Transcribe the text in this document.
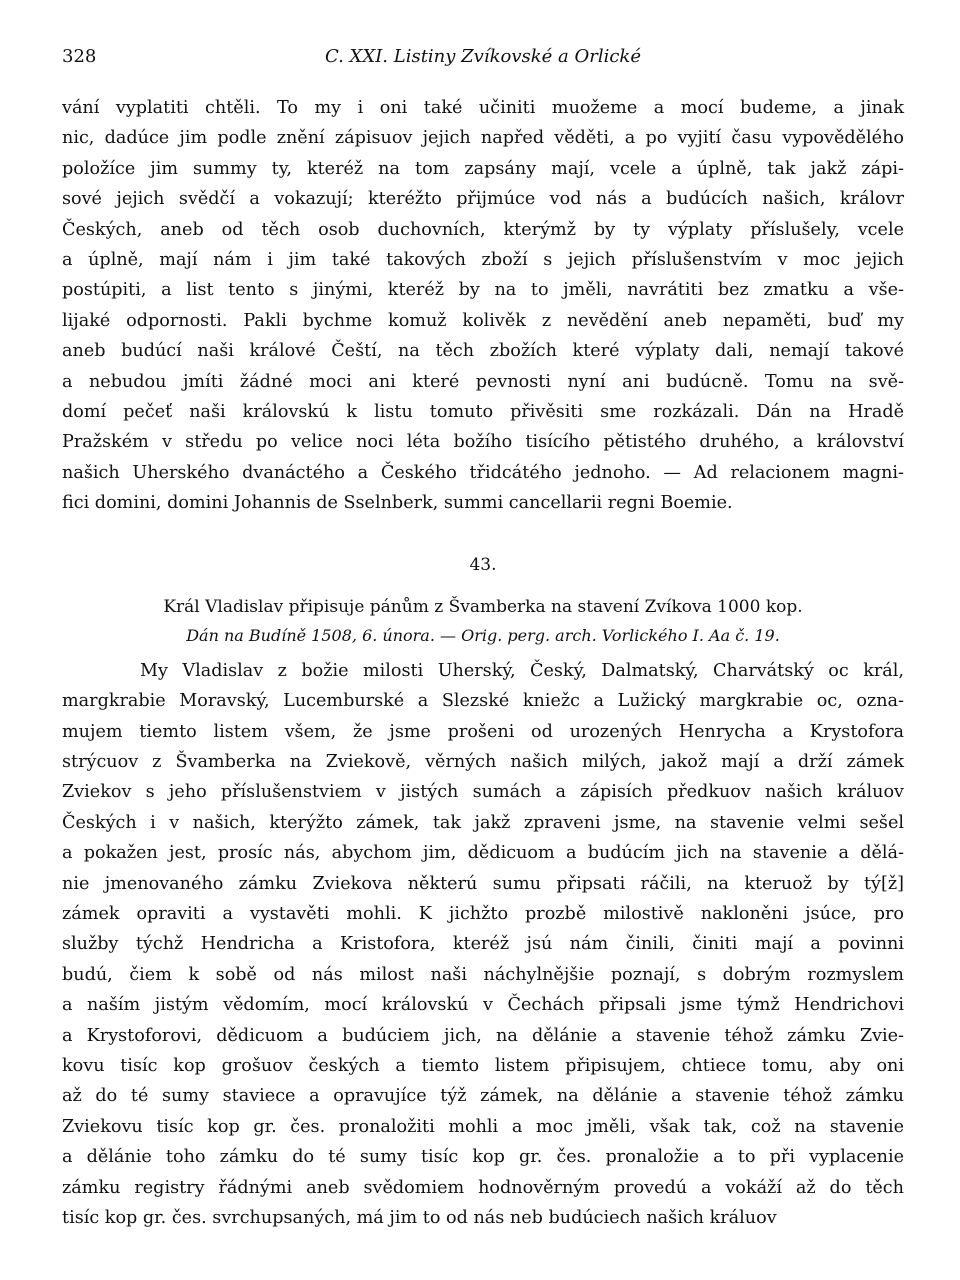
328	C. XXI. Listiny Zvíkovské a Orlické

vání vyplatiti chtěli. To my i oni také učiniti muožeme a mocí budeme, a jinak
nic, dadúce jim podle znění zápisuov jejich napřed věděti, a po vyjití času vypověděléhо
položíce jim summy ty, kteréž na tom zapsány mají, vcele a úplně, tak jakž zápi-
sové jejich svědčí a vokazují; kteréžto přijmúce vod nás a budúcích našich, královr
Českých, aneb od těch osob duchovních, kterýmž by ty výplaty příslušely, vcele
a úplně, mají nám i jim také takových zboží s jejich příslušenstvím v moc jejich
postúpiti, a list tento s jinými, kteréž by na to jměli, navrátiti bez zmatku a vše-
lijaké odpornosti. Pakli bychme komuž kolivěk z nevědění aneb nepaměti, buď my
aneb budúcí naši králové Čeští, na těch zbožích které výplaty dali, nemají takové
a nebudou jmíti žádné moci ani které pevnosti nyní ani budúcně. Tomu na svě-
domí pečeť naši královskú k listu tomuto přivěsiti sme rozkázali. Dán na Hradě
Pražském v středu po velice noci léta božího tisícího pětistého druhého, a království
našich Uherského dvanáctého a Českého třidcátého jednoho. — Ad relacionem magni-
fici domini, domini Johannis de Sselnberk, summi cancellarii regni Boemie.

43.
Král Vladislav připisuje pánům z Švamberka na stavení Zvíkova 1000 kop.
Dán na Budíně 1508, 6. února. — Orig. perg. arch. Vorlického I. Aa č. 19.

My Vladislav z božie milosti Uherský, Český, Dalmatský, Charvátský oc král,
margkrabie Moravský, Lucemburské a Slezské kniežc a Lužický margkrabie oc, ozna-
mujem tiemto listem všem, že jsme prošeni od urozených Henrycha a Krystofora
strýcuov z Švamberka na Zviekově, věrných našich milých, jakož mají a drží zámek
Zviekov s jeho příslušenstviem v jistých sumách a zápisích předkuov našich králuov
Českých i v našich, kterýžto zámek, tak jakž zpraveni jsme, na stavenie velmi sešel
a pokažen jest, prosíc nás, abychom jim, dědicuom a budúcím jich na stavenie a dělá-
nie jmenovaného zámku Zviekova některú sumu připsati ráčili, na kteruož by tý[ž]
zámek opraviti a vystavěti mohli. K jichžto prozbě milostivě nakloněni jsúce, pro
služby týchž Hendricha a Kristofora, kteréž jsú nám činili, činiti mají a povinni
budú, čiem k sobě od nás milost naši náchylnějšie poznají, s dobrým rozmyslem
a naším jistým vědomím, mocí královskú v Čechách připsali jsme týmž Hendrichovi
a Krystoforovi, dědicuom a budúciem jich, na dělánie a stavenie téhož zámku Zvie-
kovu tisíc kop grošuov českých a tiemto listem připisujem, chtiece tomu, aby oni
až do té sumy staviece a opravujíce týž zámek, na dělánie a stavenie téhož zámku
Zviekovu tisíc kop gr. čes. pronaložiti mohli a moc jměli, však tak, což na stavenie
a dělánie toho zámku do té sumy tisíc kop gr. čes. pronaložie a to při vyplacenie
zámku registry řádnými aneb svědomiem hodnověrným provedú a vokáží až do těch
tisíc kop gr. čes. svrchupsaných, má jim to od nás neb budúciech našich králuov
